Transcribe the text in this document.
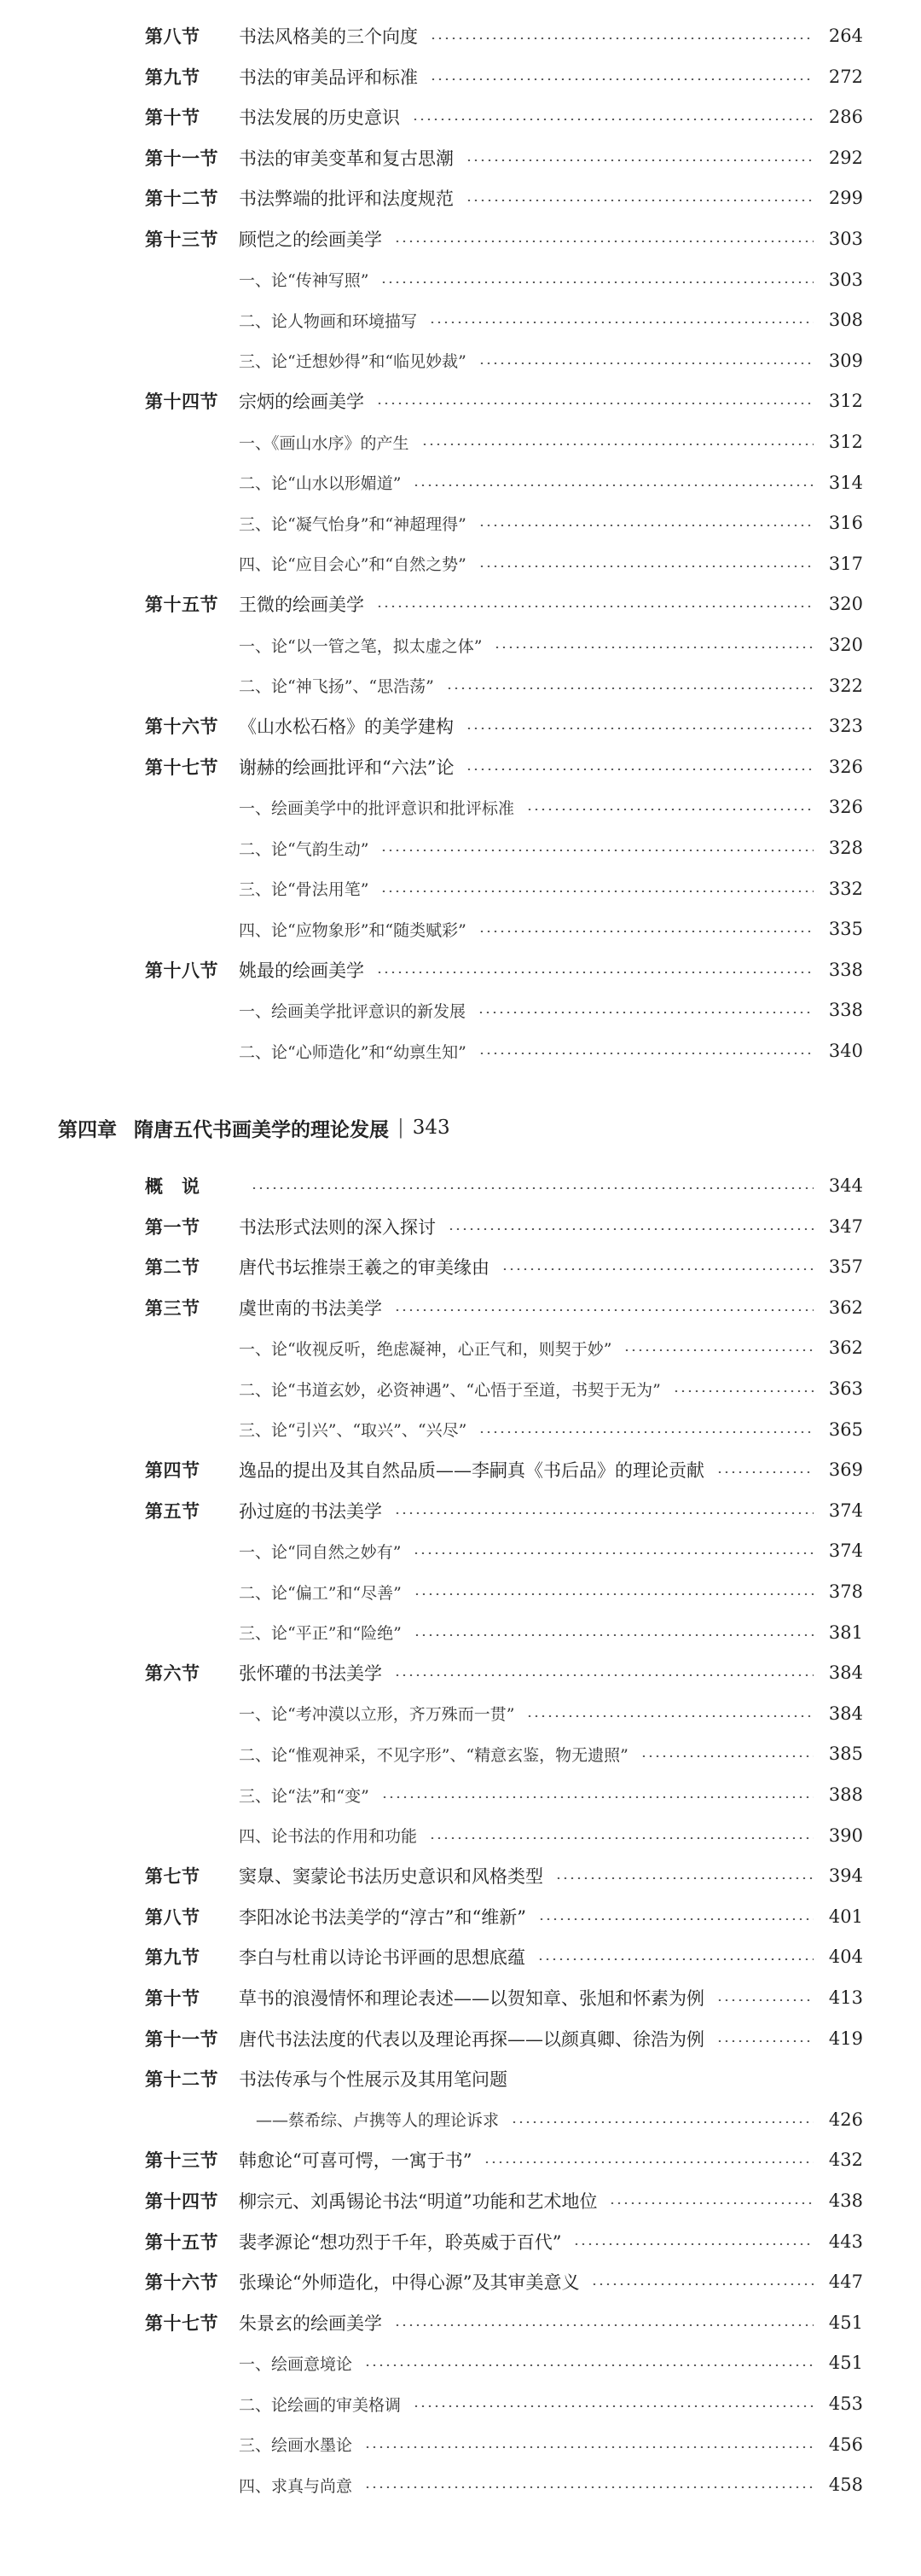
第八节 书法风格美的三个向度	264
第九节 书法的审美品评和标准	272
第十节 书法发展的历史意识	286
第十一节 书法的审美变革和复古思潮	292
第十二节 书法弊端的批评和法度规范	299
第十三节 顾恺之的绘画美学	303
一、论“传神写照”	303
二、论人物画和环境描写	308
三、论“迁想妙得”和“临见妙裁”	309
第十四节 宗炳的绘画美学	312
一、《画山水序》的产生	312
二、论“山水以形媚道”	314
三、论“凝气怡身”和“神超理得”	316
四、论“应目会心”和“自然之势”	317
第十五节 王微的绘画美学	320
一、论“以一管之笔，拟太虚之体”	320
二、论“神飞扬”、“思浩荡”	322
第十六节 《山水松石格》的美学建构	323
第十七节 谢赫的绘画批评和“六法”论	326
一、绘画美学中的批评意识和批评标准	326
二、论“气韵生动”	328
三、论“骨法用笔”	332
四、论“应物象形”和“随类赋彩”	335
第十八节 姚最的绘画美学	338
一、绘画美学批评意识的新发展	338
二、论“心师造化”和“幼禀生知”	340
概　说	344
第一节 书法形式法则的深入探讨	347
第二节 唐代书坛推崇王羲之的审美缘由	357
第三节 虞世南的书法美学	362
一、论“收视反听，绝虑凝神，心正气和，则契于妙”	362
二、论“书道玄妙，必资神遇”、“心悟于至道，书契于无为”	363
三、论“引兴”、“取兴”、“兴尽”	365
第四节 逸品的提出及其自然品质——李嗣真《书后品》的理论贡献	369
第五节 孙过庭的书法美学	374
一、论“同自然之妙有”	374
二、论“偏工”和“尽善”	378
三、论“平正”和“险绝”	381
第六节 张怀瓘的书法美学	384
一、论“考冲漠以立形，齐万殊而一贯”	384
二、论“惟观神采，不见字形”、“精意玄鉴，物无遗照”	385
三、论“法”和“变”	388
四、论书法的作用和功能	390
第七节 窦臮、窦蒙论书法历史意识和风格类型	394
第八节 李阳冰论书法美学的“淳古”和“维新”	401
第九节 李白与杜甫以诗论书评画的思想底蕴	404
第十节 草书的浪漫情怀和理论表述——以贺知章、张旭和怀素为例	413
第十一节 唐代书法法度的代表以及理论再探——以颜真卿、徐浩为例	419
第十二节 书法传承与个性展示及其用笔问题
——蔡希综、卢携等人的理论诉求	426
第十三节 韩愈论“可喜可愕，一寓于书”	432
第十四节 柳宗元、刘禹锡论书法“明道”功能和艺术地位	438
第十五节 裴孝源论“想功烈于千年，聆英威于百代”	443
第十六节 张璪论“外师造化，中得心源”及其审美意义	447
第十七节 朱景玄的绘画美学	451
一、绘画意境论	451
二、论绘画的审美格调	453
三、绘画水墨论	456
四、求真与尚意	458
第四章 隋唐五代书画美学的理论发展 | 343
